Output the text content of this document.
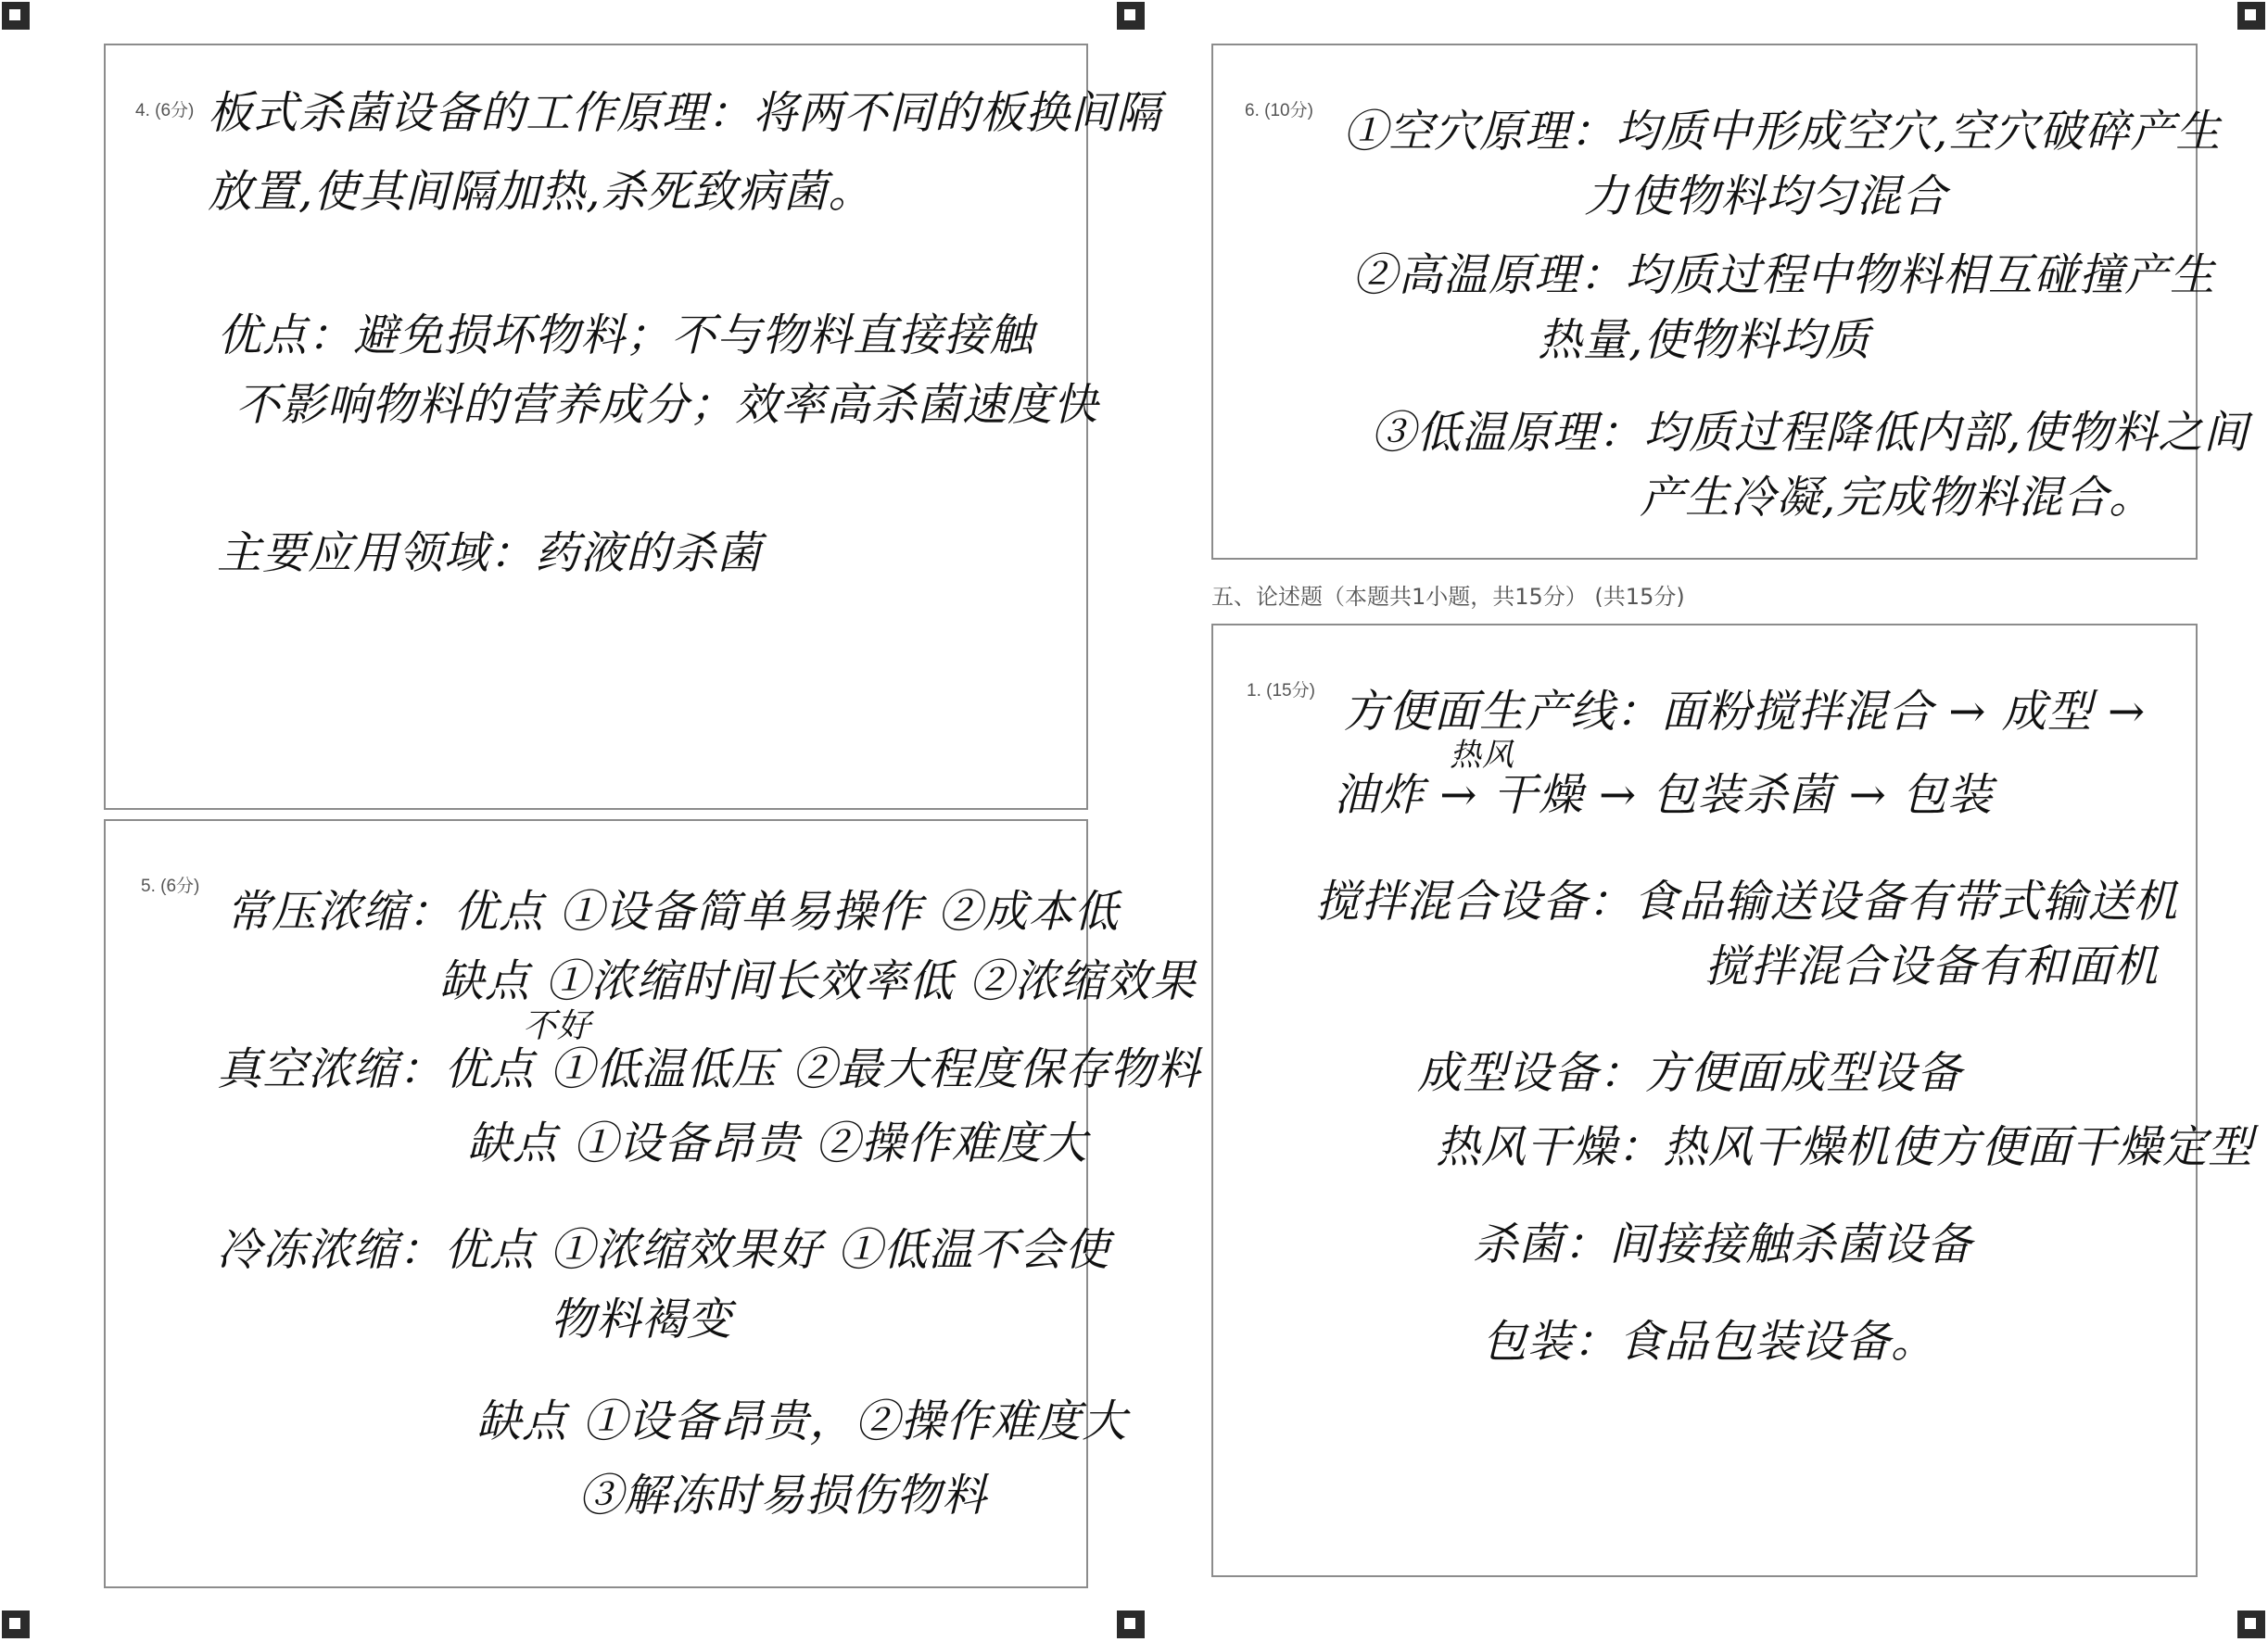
4. (6分) 板式杀菌设备的工作原理：将两不同的板换间隔
放置,使其间隔加热,杀死致病菌。
优点：避免损坏物料；不与物料直接接触
不影响物料的营养成分；效率高杀菌速度快
主要应用领域：药液的杀菌
5. (6分) 常压浓缩：优点 ①设备简单易操作 ②成本低
缺点 ①浓缩时间长效率低 ②浓缩效果
不好
真空浓缩：优点 ①低温低压 ②最大程度保存物料
缺点 ①设备昂贵 ②操作难度大
冷冻浓缩：优点 ①浓缩效果好 ①低温不会使
物料褐变
缺点 ①设备昂贵，②操作难度大
③解冻时易损伤物料
6. (10分) ①空穴原理：均质中形成空穴,空穴破碎产生
力使物料均匀混合
②高温原理：均质过程中物料相互碰撞产生
热量,使物料均质
③低温原理：均质过程降低内部,使物料之间
产生冷凝,完成物料混合。
五、论述题（本题共1小题，共15分） (共15分)
1. (15分) 方便面生产线：面粉搅拌混合 → 成型 →
热风
油炸 → 干燥 → 包装杀菌 → 包装
搅拌混合设备：食品输送设备有带式输送机
搅拌混合设备有和面机
成型设备：方便面成型设备
热风干燥：热风干燥机使方便面干燥定型
杀菌：间接接触杀菌设备
包装：食品包装设备。
